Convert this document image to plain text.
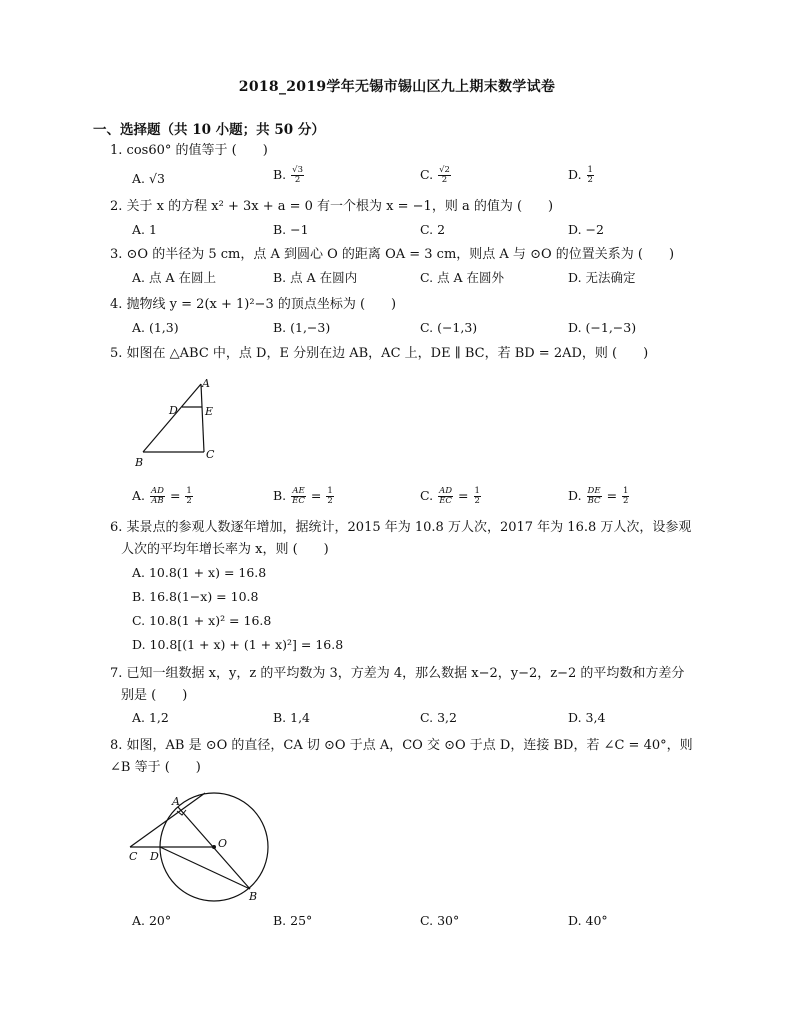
2018_2019学年无锡市锡山区九上期末数学试卷
一、选择题（共 10 小题；共 50 分）
1. cos60° 的值等于 (　　)
A. √3	B. $\frac{√3}{2}$	C. $\frac{√2}{2}$	D. $\frac{1}{2}$
2. 关于 x 的方程 x² + 3x + a = 0 有一个根为 x = −1，则 a 的值为 (　　)
A. 1	B. −1	C. 2	D. −2
3. ⊙O 的半径为 5 cm，点 A 到圆心 O 的距离 OA = 3 cm，则点 A 与 ⊙O 的位置关系为 (　　)
A. 点 A 在圆上	B. 点 A 在圆内	C. 点 A 在圆外	D. 无法确定
4. 抛物线 y = 2(x + 1)²−3 的顶点坐标为 (　　)
A. (1,3)	B. (1,−3)	C. (−1,3)	D. (−1,−3)
5. 如图在 △ABC 中，点 D，E 分别在边 AB，AC 上，DE ∥ BC，若 BD = 2AD，则 (　　)
A
B
C
D E
A. $\frac{AD}{AB} = \frac{1}{2}$	B. $\frac{AE}{EC} = \frac{1}{2}$	C. $\frac{AD}{EC} = \frac{1}{2}$	D. $\frac{DE}{BC} = \frac{1}{2}$
6. 某景点的参观人数逐年增加，据统计，2015 年为 10.8 万人次，2017 年为 16.8 万人次，设参观
人次的平均年增长率为 x，则 (　　)
A. 10.8(1 + x) = 16.8
B. 16.8(1−x) = 10.8
C. 10.8(1 + x)² = 16.8
D. 10.8[(1 + x) + (1 + x)²] = 16.8
7. 已知一组数据 x，y，z 的平均数为 3，方差为 4，那么数据 x−2，y−2，z−2 的平均数和方差分
别是 (　　)
A. 1,2	B. 1,4	C. 3,2	D. 3,4
8. 如图，AB 是 ⊙O 的直径，CA 切 ⊙O 于点 A，CO 交 ⊙O 于点 D，连接 BD，若 ∠C = 40°，则
∠B 等于 (　　)
A
B
C D
O
A. 20°	B. 25°	C. 30°	D. 40°
